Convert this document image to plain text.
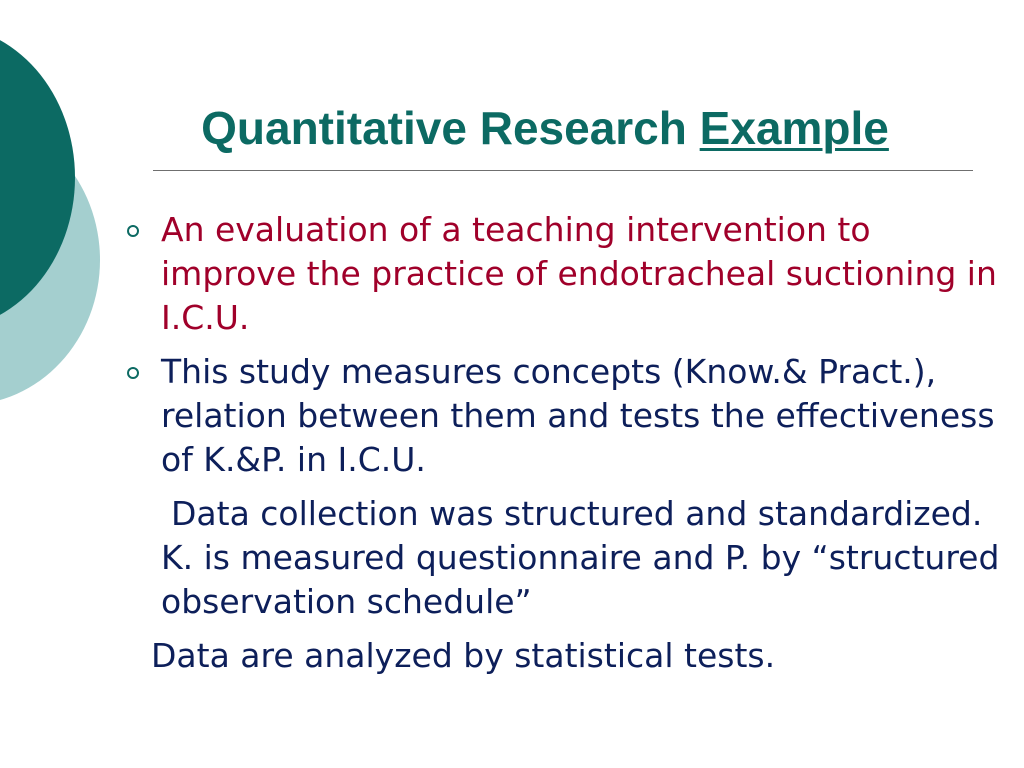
Quantitative Research Example
An evaluation of a teaching intervention to improve the practice of endotracheal suctioning in I.C.U.
This study measures concepts (Know.& Pract.), relation between them and tests the effectiveness of K.&P. in I.C.U.

Data collection was structured and standardized. K. is measured questionnaire and P. by “structured observation schedule”

Data are analyzed by statistical tests.
